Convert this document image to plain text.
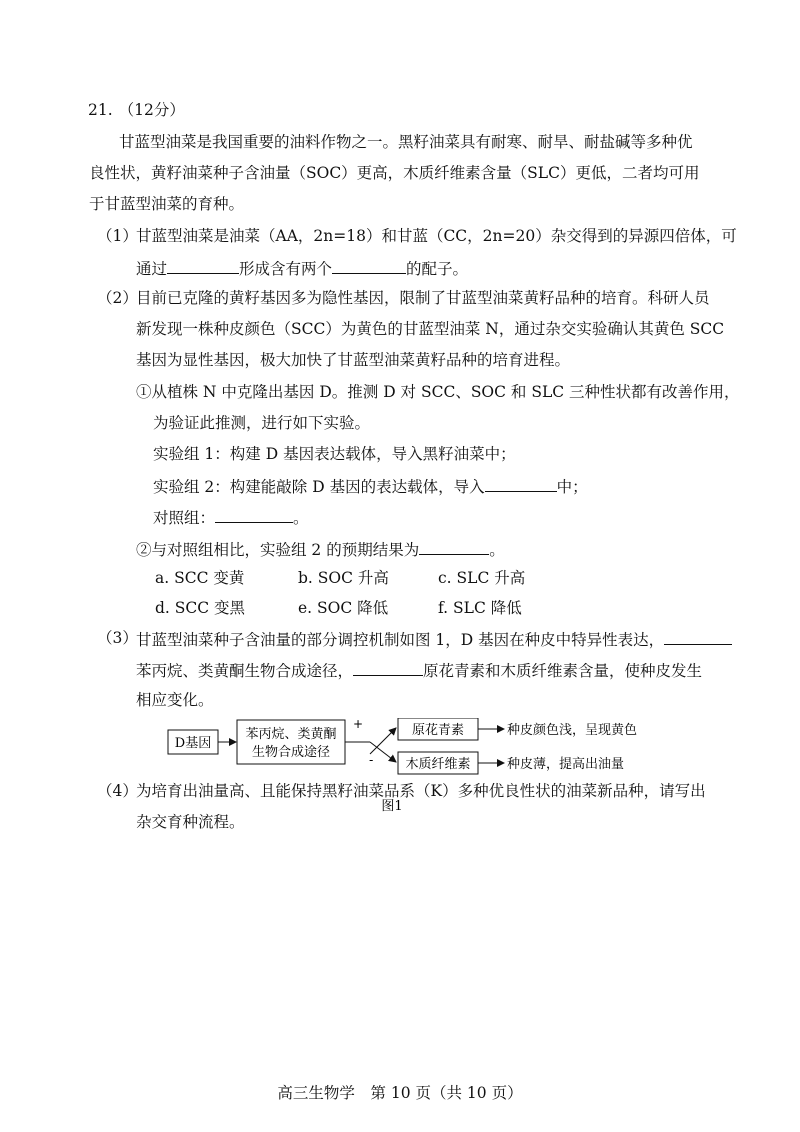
21. （12分）
甘蓝型油菜是我国重要的油料作物之一。黑籽油菜具有耐寒、耐旱、耐盐碱等多种优
良性状，黄籽油菜种子含油量（SOC）更高，木质纤维素含量（SLC）更低，二者均可用
于甘蓝型油菜的育种。
（1）
甘蓝型油菜是油菜（AA，2n=18）和甘蓝（CC，2n=20）杂交得到的异源四倍体，可
通过	形成含有两个	的配子。
（2）
目前已克隆的黄籽基因多为隐性基因，限制了甘蓝型油菜黄籽品种的培育。科研人员
新发现一株种皮颜色（SCC）为黄色的甘蓝型油菜 N，通过杂交实验确认其黄色 SCC
基因为显性基因，极大加快了甘蓝型油菜黄籽品种的培育进程。
①从植株 N 中克隆出基因 D。推测 D 对 SCC、SOC 和 SLC 三种性状都有改善作用，
为验证此推测，进行如下实验。
实验组 1：构建 D 基因表达载体，导入黑籽油菜中；
实验组 2：构建能敲除 D 基因的表达载体，导入	中；
对照组：	。
②与对照组相比，实验组 2 的预期结果为	。
a. SCC 变黄	b. SOC 升高	c. SLC 升高
d. SCC 变黑	e. SOC 降低	f. SLC 降低
（3）
甘蓝型油菜种子含油量的部分调控机制如图 1，D 基因在种皮中特异性表达，
苯丙烷、类黄酮生物合成途径，	原花青素和木质纤维素含量，使种皮发生
相应变化。
D基因
苯丙烷、类黄酮
生物合成途径
+
-
原花青素	种皮颜色浅，呈现黄色
木质纤维素	种皮薄，提高出油量
图1
（4）
为培育出油量高、且能保持黑籽油菜品系（K）多种优良性状的油菜新品种，请写出
杂交育种流程。
高三生物学　第 10 页（共 10 页）
